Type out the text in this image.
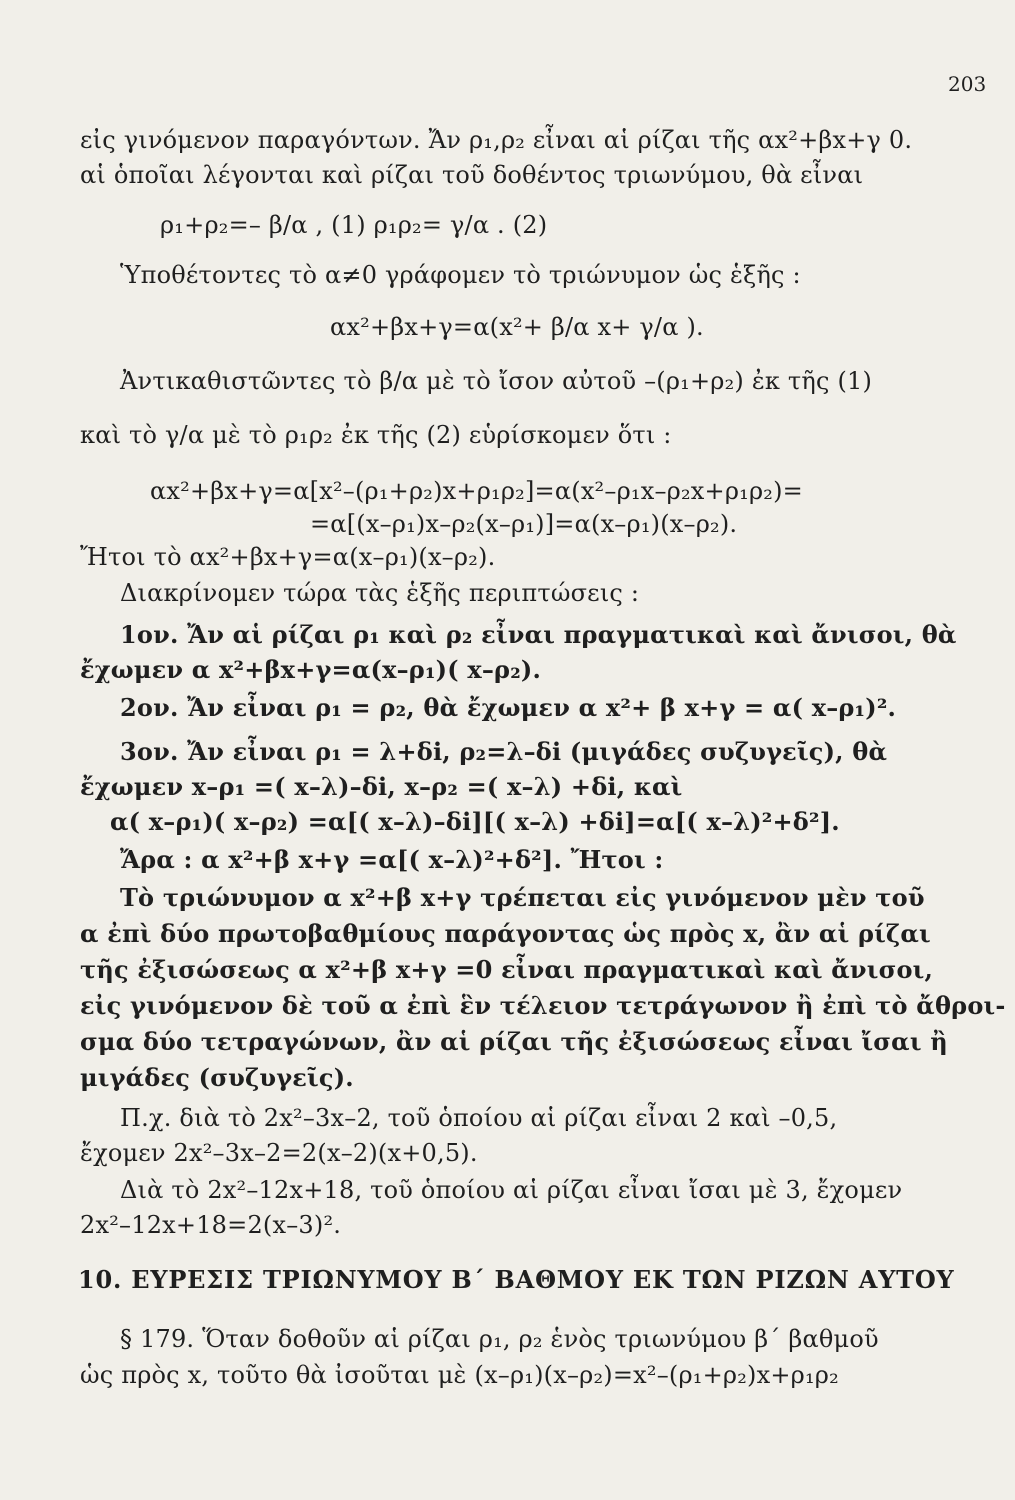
203

εἰς γινόμενον παραγόντων. Ἄν ρ₁,ρ₂ εἶναι αἱ ρίζαι τῆς αx²+βx+γ 0.

αἱ ὁποῖαι λέγονται καὶ ρίζαι τοῦ δοθέντος τριωνύμου, θὰ εἶναι

ρ₁+ρ₂=– β/α , (1) ρ₁ρ₂= γ/α . (2)

Ὑποθέτοντες τὸ α≠0 γράφομεν τὸ τριώνυμον ὡς ἑξῆς :

αx²+βx+γ=α(x²+ β/α x+ γ/α ).

Ἀντικαθιστῶντες τὸ β/α μὲ τὸ ἴσον αὐτοῦ –(ρ₁+ρ₂) ἐκ τῆς (1)

καὶ τὸ γ/α μὲ τὸ ρ₁ρ₂ ἐκ τῆς (2) εὑρίσκομεν ὅτι :

αx²+βx+γ=α[x²–(ρ₁+ρ₂)x+ρ₁ρ₂]=α(x²–ρ₁x–ρ₂x+ρ₁ρ₂)=

=α[(x–ρ₁)x–ρ₂(x–ρ₁)]=α(x–ρ₁)(x–ρ₂).

Ἤτοι τὸ αx²+βx+γ=α(x–ρ₁)(x–ρ₂).

Διακρίνομεν τώρα τὰς ἑξῆς περιπτώσεις :

1ον. Ἄν αἱ ρίζαι ρ₁ καὶ ρ₂ εἶναι πραγματικαὶ καὶ ἄνισοι, θὰ

ἔχωμεν α x²+βx+γ=α(x–ρ₁)( x–ρ₂).

2ον. Ἄν εἶναι ρ₁ = ρ₂, θὰ ἔχωμεν α x²+ β x+γ = α( x–ρ₁)².

3ον. Ἄν εἶναι ρ₁ = λ+δi, ρ₂=λ–δi (μιγάδες συζυγεῖς), θὰ

ἔχωμεν x–ρ₁ =( x–λ)–δi, x–ρ₂ =( x–λ) +δi, καὶ

α( x–ρ₁)( x–ρ₂) =α[( x–λ)–δi][( x–λ) +δi]=α[( x–λ)²+δ²].

Ἄρα : α x²+β x+γ =α[( x–λ)²+δ²]. Ἤτοι :

Τὸ τριώνυμον α x²+β x+γ τρέπεται εἰς γινόμενον μὲν τοῦ

α ἐπὶ δύο πρωτοβαθμίους παράγοντας ὡς πρὸς x, ἂν αἱ ρίζαι

τῆς ἐξισώσεως α x²+β x+γ =0 εἶναι πραγματικαὶ καὶ ἄνισοι,

εἰς γινόμενον δὲ τοῦ α ἐπὶ ἓν τέλειον τετράγωνον ἢ ἐπὶ τὸ ἄθροι-

σμα δύο τετραγώνων, ἂν αἱ ρίζαι τῆς ἐξισώσεως εἶναι ἴσαι ἢ

μιγάδες (συζυγεῖς).

Π.χ. διὰ τὸ 2x²–3x–2, τοῦ ὁποίου αἱ ρίζαι εἶναι 2 καὶ –0,5,

ἔχομεν 2x²–3x–2=2(x–2)(x+0,5).

Διὰ τὸ 2x²–12x+18, τοῦ ὁποίου αἱ ρίζαι εἶναι ἴσαι μὲ 3, ἔχομεν

2x²–12x+18=2(x–3)².

10. ΕΥΡΕΣΙΣ ΤΡΙΩΝΥΜΟΥ Β΄ ΒΑΘΜΟΥ ΕΚ ΤΩΝ ΡΙΖΩΝ ΑΥΤΟΥ

§ 179. Ὅταν δοθοῦν αἱ ρίζαι ρ₁, ρ₂ ἑνὸς τριωνύμου β΄ βαθμοῦ

ὡς πρὸς x, τοῦτο θὰ ἰσοῦται μὲ (x–ρ₁)(x–ρ₂)=x²–(ρ₁+ρ₂)x+ρ₁ρ₂
